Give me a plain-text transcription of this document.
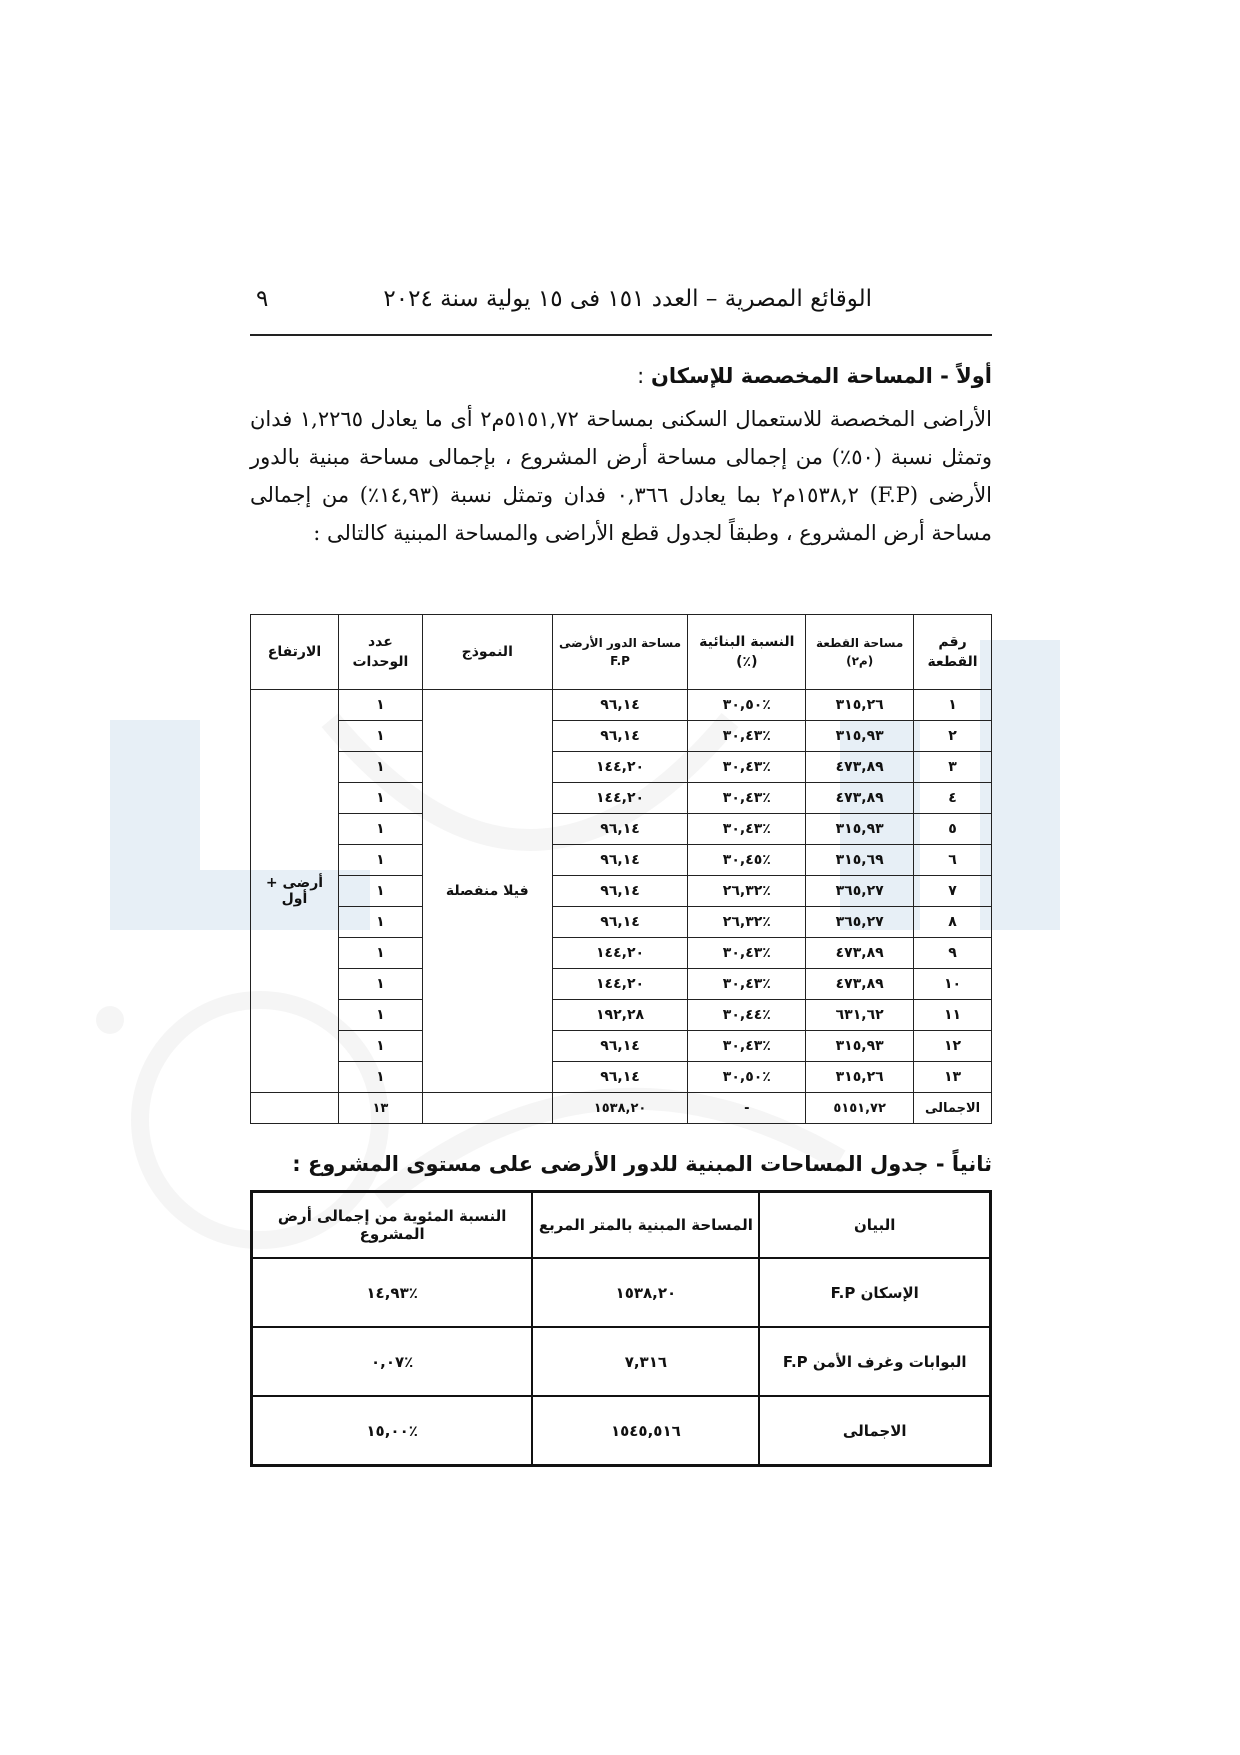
الوقائع المصرية – العدد ١٥١ فى ١٥ يولية سنة ٢٠٢٤
٩
أولاً - المساحة المخصصة للإسكان :
الأراضى المخصصة للاستعمال السكنى بمساحة ٥١٥١,٧٢م٢ أى ما يعادل ١,٢٢٦٥ فدان وتمثل نسبة (٥٠٪) من إجمالى مساحة أرض المشروع ، بإجمالى مساحة مبنية بالدور الأرضى (F.P) ١٥٣٨,٢م٢ بما يعادل ٠,٣٦٦ فدان وتمثل نسبة (١٤,٩٣٪) من إجمالى مساحة أرض المشروع ، وطبقاً لجدول قطع الأراضى والمساحة المبنية كالتالى :
رقم القطعة	مساحة القطعة (م٢)	النسبة البنائية (٪)	مساحة الدور الأرضى F.P	النموذج	عدد الوحدات	الارتفاع
١	٣١٥,٢٦	٪٣٠,٥٠	٩٦,١٤	فيلا منفصلة	١	أرضى + أول
٢	٣١٥,٩٣	٪٣٠,٤٣	٩٦,١٤		١	
٣	٤٧٣,٨٩	٪٣٠,٤٣	١٤٤,٢٠		١	
٤	٤٧٣,٨٩	٪٣٠,٤٣	١٤٤,٢٠		١	
٥	٣١٥,٩٣	٪٣٠,٤٣	٩٦,١٤		١	
٦	٣١٥,٦٩	٪٣٠,٤٥	٩٦,١٤		١	
٧	٣٦٥,٢٧	٪٢٦,٣٢	٩٦,١٤		١	
٨	٣٦٥,٢٧	٪٢٦,٣٢	٩٦,١٤		١	
٩	٤٧٣,٨٩	٪٣٠,٤٣	١٤٤,٢٠		١	
١٠	٤٧٣,٨٩	٪٣٠,٤٣	١٤٤,٢٠		١	
١١	٦٣١,٦٢	٪٣٠,٤٤	١٩٢,٢٨		١	
١٢	٣١٥,٩٣	٪٣٠,٤٣	٩٦,١٤		١	
١٣	٣١٥,٢٦	٪٣٠,٥٠	٩٦,١٤		١	
الاجمالى	٥١٥١,٧٢	-	١٥٣٨,٢٠		١٣	
ثانياً - جدول المساحات المبنية للدور الأرضى على مستوى المشروع :
البيان	المساحة المبنية بالمتر المربع	النسبة المئوية من إجمالى أرض المشروع
الإسكان F.P	١٥٣٨,٢٠	٪١٤,٩٣
البوابات وغرف الأمن F.P	٧,٣١٦	٪٠,٠٧
الاجمالى	١٥٤٥,٥١٦	٪١٥,٠٠
